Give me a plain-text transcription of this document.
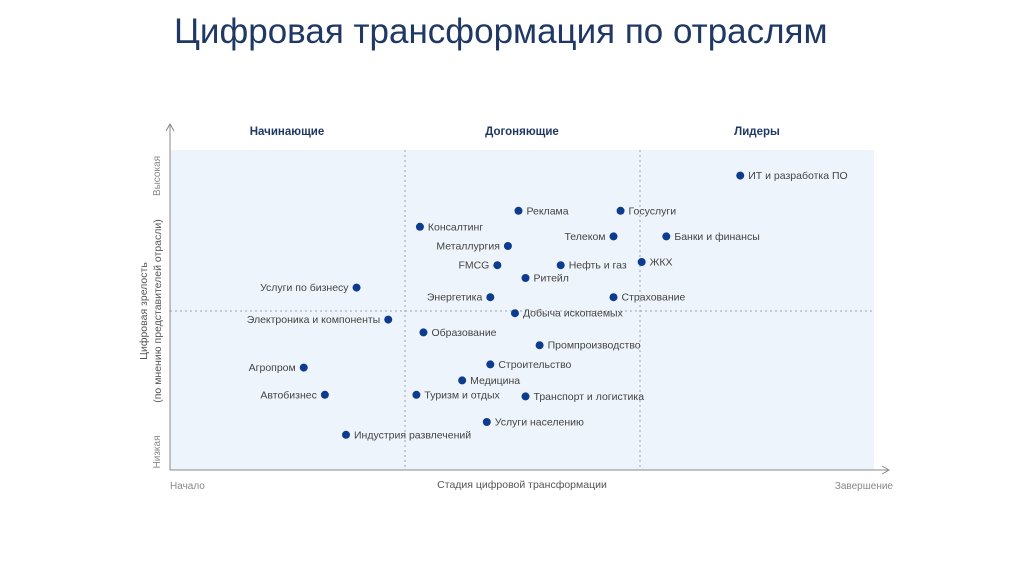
Цифровая трансформация по отраслям
Начинающие	Догоняющие	Лидеры
Начало	Завершение
Стадия цифровой трансформации
Высокая
Низкая
Цифровая зрелость (по мнению представителей отрасли)
ИТ и разработка ПО
Реклама	Госуслуги
Консалтинг
Телеком	Банки и финансы
Металлургия
FMCG	Нефть и газ ЖКХ
Ритейл
Услуги по бизнесу
Энергетика	Страхование
Добыча ископаемых
Электроника и компоненты
Образование
Промпроизводство
Строительство
Агропром
Медицина
Автобизнес	Туризм и отдых	Транспорт и логистика
Услуги населению
Индустрия развлечений
